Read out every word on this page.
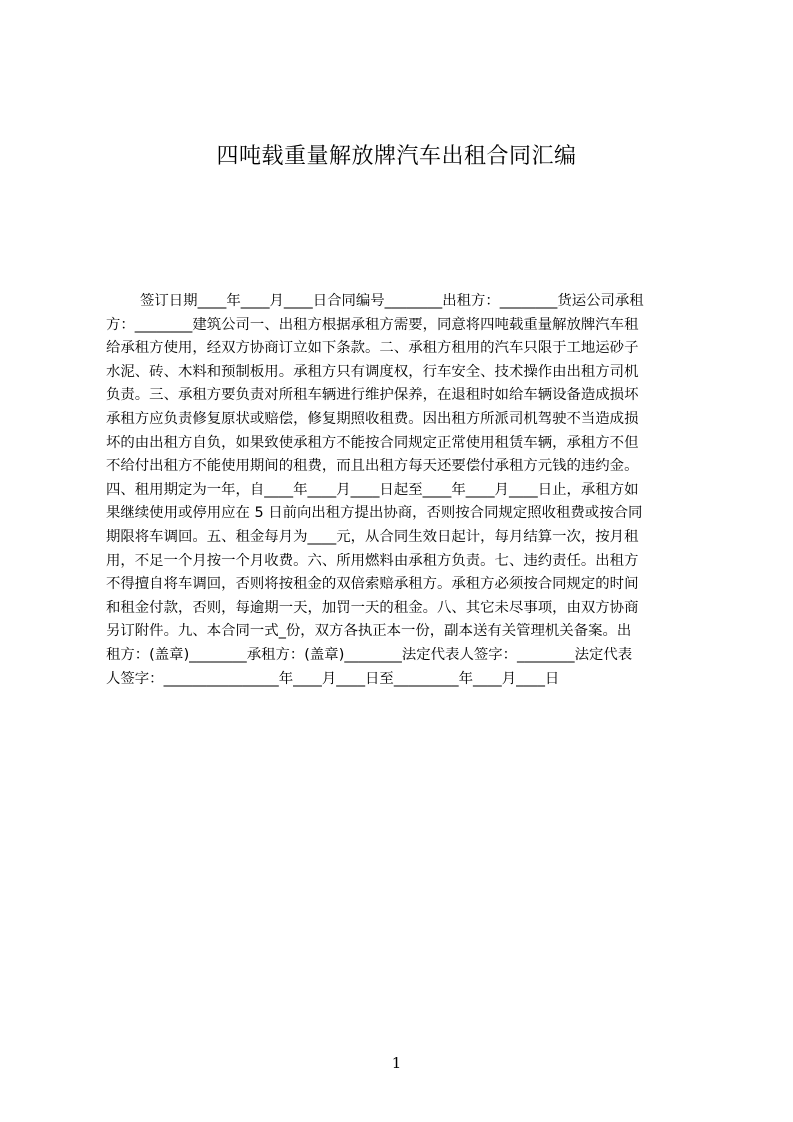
四吨载重量解放牌汽车出租合同汇编
签订日期____年____月____日合同编号________出租方：________货运公司承租
方：________建筑公司一、出租方根据承租方需要，同意将四吨载重量解放牌汽车租
给承租方使用，经双方协商订立如下条款。二、承租方租用的汽车只限于工地运砂子
水泥、砖、木料和预制板用。承租方只有调度权，行车安全、技术操作由出租方司机
负责。三、承租方要负责对所租车辆进行维护保养，在退租时如给车辆设备造成损坏
承租方应负责修复原状或赔偿，修复期照收租费。因出租方所派司机驾驶不当造成损
坏的由出租方自负，如果致使承租方不能按合同规定正常使用租赁车辆，承租方不但
不给付出租方不能使用期间的租费，而且出租方每天还要偿付承租方元钱的违约金。
四、租用期定为一年，自____年____月____日起至____年____月____日止，承租方如
果继续使用或停用应在 5 日前向出租方提出协商，否则按合同规定照收租费或按合同
期限将车调回。五、租金每月为____元，从合同生效日起计，每月结算一次，按月租
用，不足一个月按一个月收费。六、所用燃料由承租方负责。七、违约责任。出租方
不得擅自将车调回，否则将按租金的双倍索赔承租方。承租方必须按合同规定的时间
和租金付款，否则，每逾期一天，加罚一天的租金。八、其它未尽事项，由双方协商
另订附件。九、本合同一式_份，双方各执正本一份，副本送有关管理机关备案。出
租方：(盖章)________承租方：(盖章)________法定代表人签字：________法定代表
人签字：________________年____月____日至_________年____月____日
1
